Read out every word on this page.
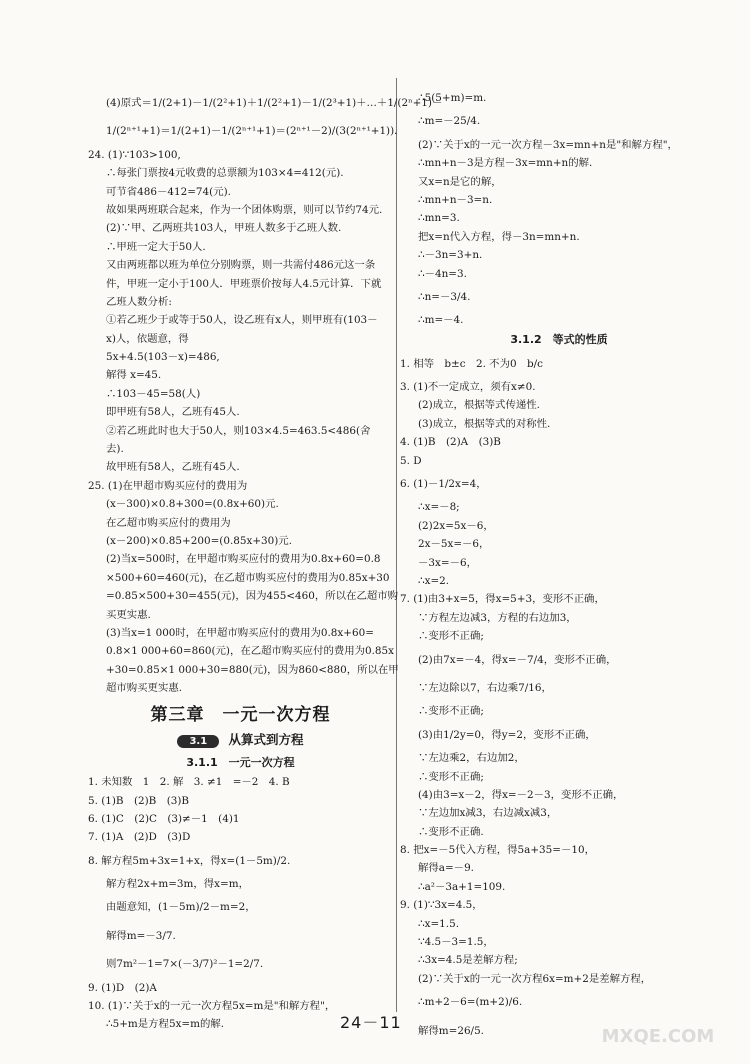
(4)原式＝1/(2+1)－1/(2²+1)＋1/(2²+1)－1/(2³+1)＋…＋1/(2ⁿ+1)－
1/(2ⁿ⁺¹+1)＝1/(2+1)－1/(2ⁿ⁺¹+1)＝(2ⁿ⁺¹－2)/(3(2ⁿ⁺¹+1))．
24. (1)∵103>100,
∴每张门票按4元收费的总票额为103×4=412(元).
可节省486－412=74(元).
故如果两班联合起来，作为一个团体购票，则可以节约74元.
(2)∵甲、乙两班共103人，甲班人数多于乙班人数.
∴甲班一定大于50人.
又由两班都以班为单位分别购票，则一共需付486元这一条
件，甲班一定小于100人．甲班票价按每人4.5元计算．下就
乙班人数分析:
①若乙班少于或等于50人，设乙班有x人，则甲班有(103－
x)人，依题意，得
5x+4.5(103－x)=486,
解得 x=45.
∴103－45=58(人)
即甲班有58人，乙班有45人.
②若乙班此时也大于50人，则103×4.5=463.5<486(舍
去).
故甲班有58人，乙班有45人.
25. (1)在甲超市购买应付的费用为
(x－300)×0.8+300=(0.8x+60)元.
在乙超市购买应付的费用为
(x－200)×0.85+200=(0.85x+30)元.
(2)当x=500时，在甲超市购买应付的费用为0.8x+60=0.8
×500+60=460(元)，在乙超市购买应付的费用为0.85x+30
=0.85×500+30=455(元)，因为455<460，所以在乙超市购
买更实惠.
(3)当x=1 000时，在甲超市购买应付的费用为0.8x+60=
0.8×1 000+60=860(元)，在乙超市购买应付的费用为0.85x
+30=0.85×1 000+30=880(元)，因为860<880，所以在甲
超市购买更实惠.
第三章　一元一次方程
3.1 从算式到方程
3.1.1　一元一次方程
1. 未知数　1　2. 解　3. ≠1　=－2　4. B
5. (1)B　(2)B　(3)B
6. (1)C　(2)C　(3)≠－1　(4)1
7. (1)A　(2)D　(3)D
8. 解方程5m+3x=1+x，得x=(1－5m)/2.
解方程2x+m=3m，得x=m，
由题意知，(1－5m)/2－m=2，
解得m=－3/7.
则7m²－1=7×(－3/7)²－1=2/7.
9. (1)D　(2)A
10. (1)∵关于x的一元一次方程5x=m是"和解方程"，
∴5+m是方程5x=m的解.
∴5(5+m)=m.
∴m=－25/4.
(2)∵关于x的一元一次方程－3x=mn+n是"和解方程"，
∴mn+n－3是方程－3x=mn+n的解.
又x=n是它的解，
∴mn+n－3=n.
∴mn=3.
把x=n代入方程，得－3n=mn+n.
∴－3n=3+n.
∴－4n=3.
∴n=－3/4.
∴m=－4.
3.1.2　等式的性质
1. 相等　b±c　2. 不为0　b/c
3. (1)不一定成立，须有x≠0.
(2)成立，根据等式传递性.
(3)成立，根据等式的对称性.
4. (1)B　(2)A　(3)B
5. D
6. (1)－1/2x=4，
∴x=－8;
(2)2x=5x－6，
2x－5x=－6，
－3x=－6，
∴x=2.
7. (1)由3+x=5，得x=5+3，变形不正确，
∵方程左边减3，方程的右边加3，
∴变形不正确;
(2)由7x=－4，得x=－7/4，变形不正确，
∵左边除以7，右边乘7/16，
∴变形不正确;
(3)由1/2y=0，得y=2，变形不正确，
∵左边乘2，右边加2，
∴变形不正确;
(4)由3=x－2，得x=－2－3，变形不正确，
∵左边加x减3，右边减x减3，
∴变形不正确.
8. 把x=－5代入方程，得5a+35=－10，
解得a=－9.
∴a²－3a+1=109.
9. (1)∵3x=4.5，
∴x=1.5.
∵4.5－3=1.5，
∴3x=4.5是差解方程;
(2)∵关于x的一元一次方程6x=m+2是差解方程，
∴m+2－6=(m+2)/6.
解得m=26/5.
24－11
MXQE.COM
